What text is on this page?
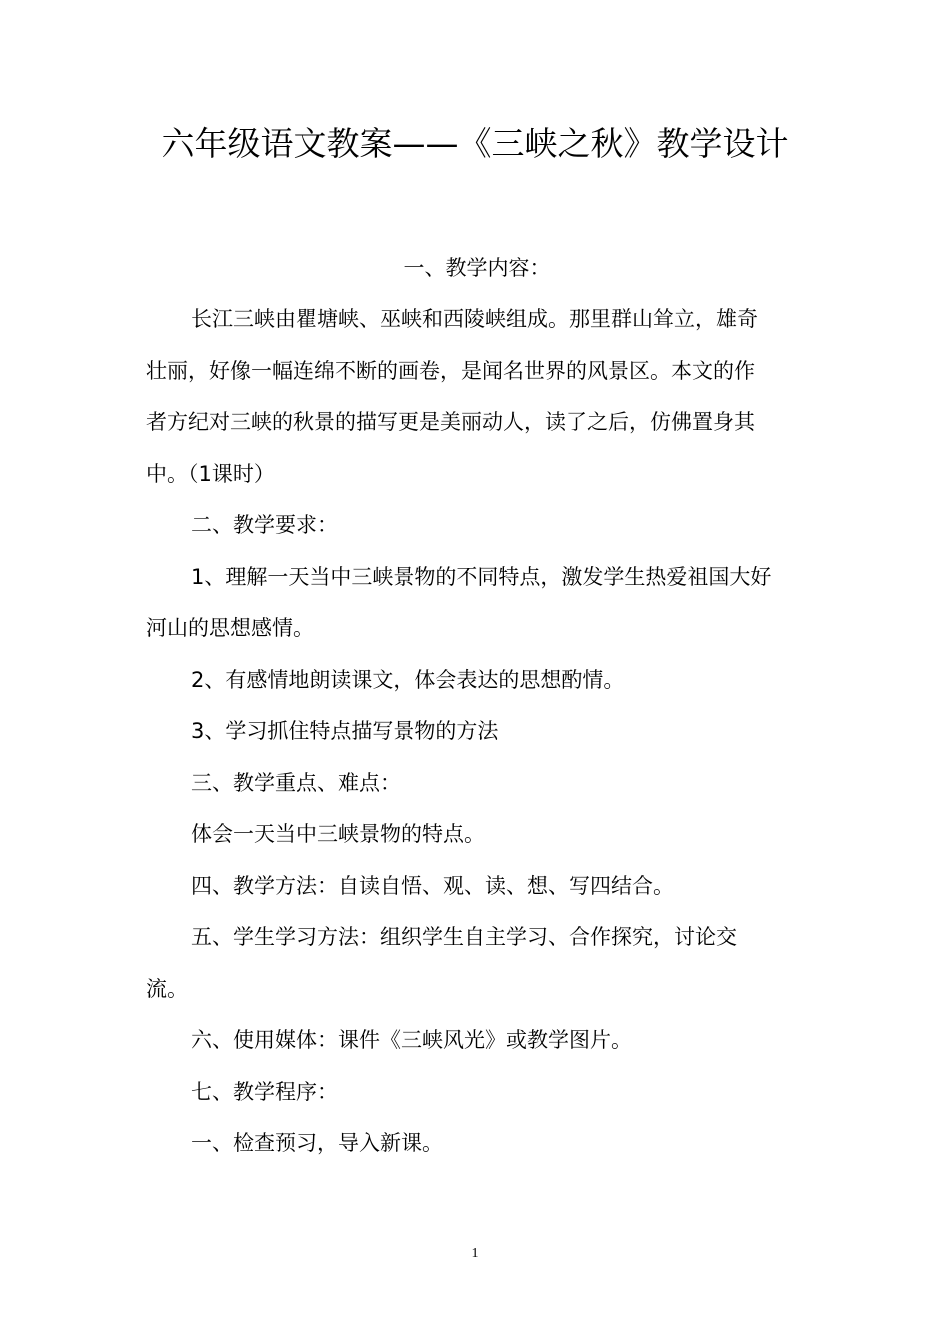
六年级语文教案——《三峡之秋》教学设计
一、教学内容：
长江三峡由瞿塘峡、巫峡和西陵峡组成。那里群山耸立，雄奇
壮丽，好像一幅连绵不断的画卷，是闻名世界的风景区。本文的作
者方纪对三峡的秋景的描写更是美丽动人，读了之后，仿佛置身其
中。（1课时）
二、教学要求：
1、理解一天当中三峡景物的不同特点，激发学生热爱祖国大好
河山的思想感情。
2、有感情地朗读课文，体会表达的思想酌情。
3、学习抓住特点描写景物的方法
三、教学重点、难点：
体会一天当中三峡景物的特点。
四、教学方法：自读自悟、观、读、想、写四结合。
五、学生学习方法：组织学生自主学习、合作探究，讨论交
流。
六、使用媒体：课件《三峡风光》或教学图片。
七、教学程序：
一、检查预习，导入新课。
1
